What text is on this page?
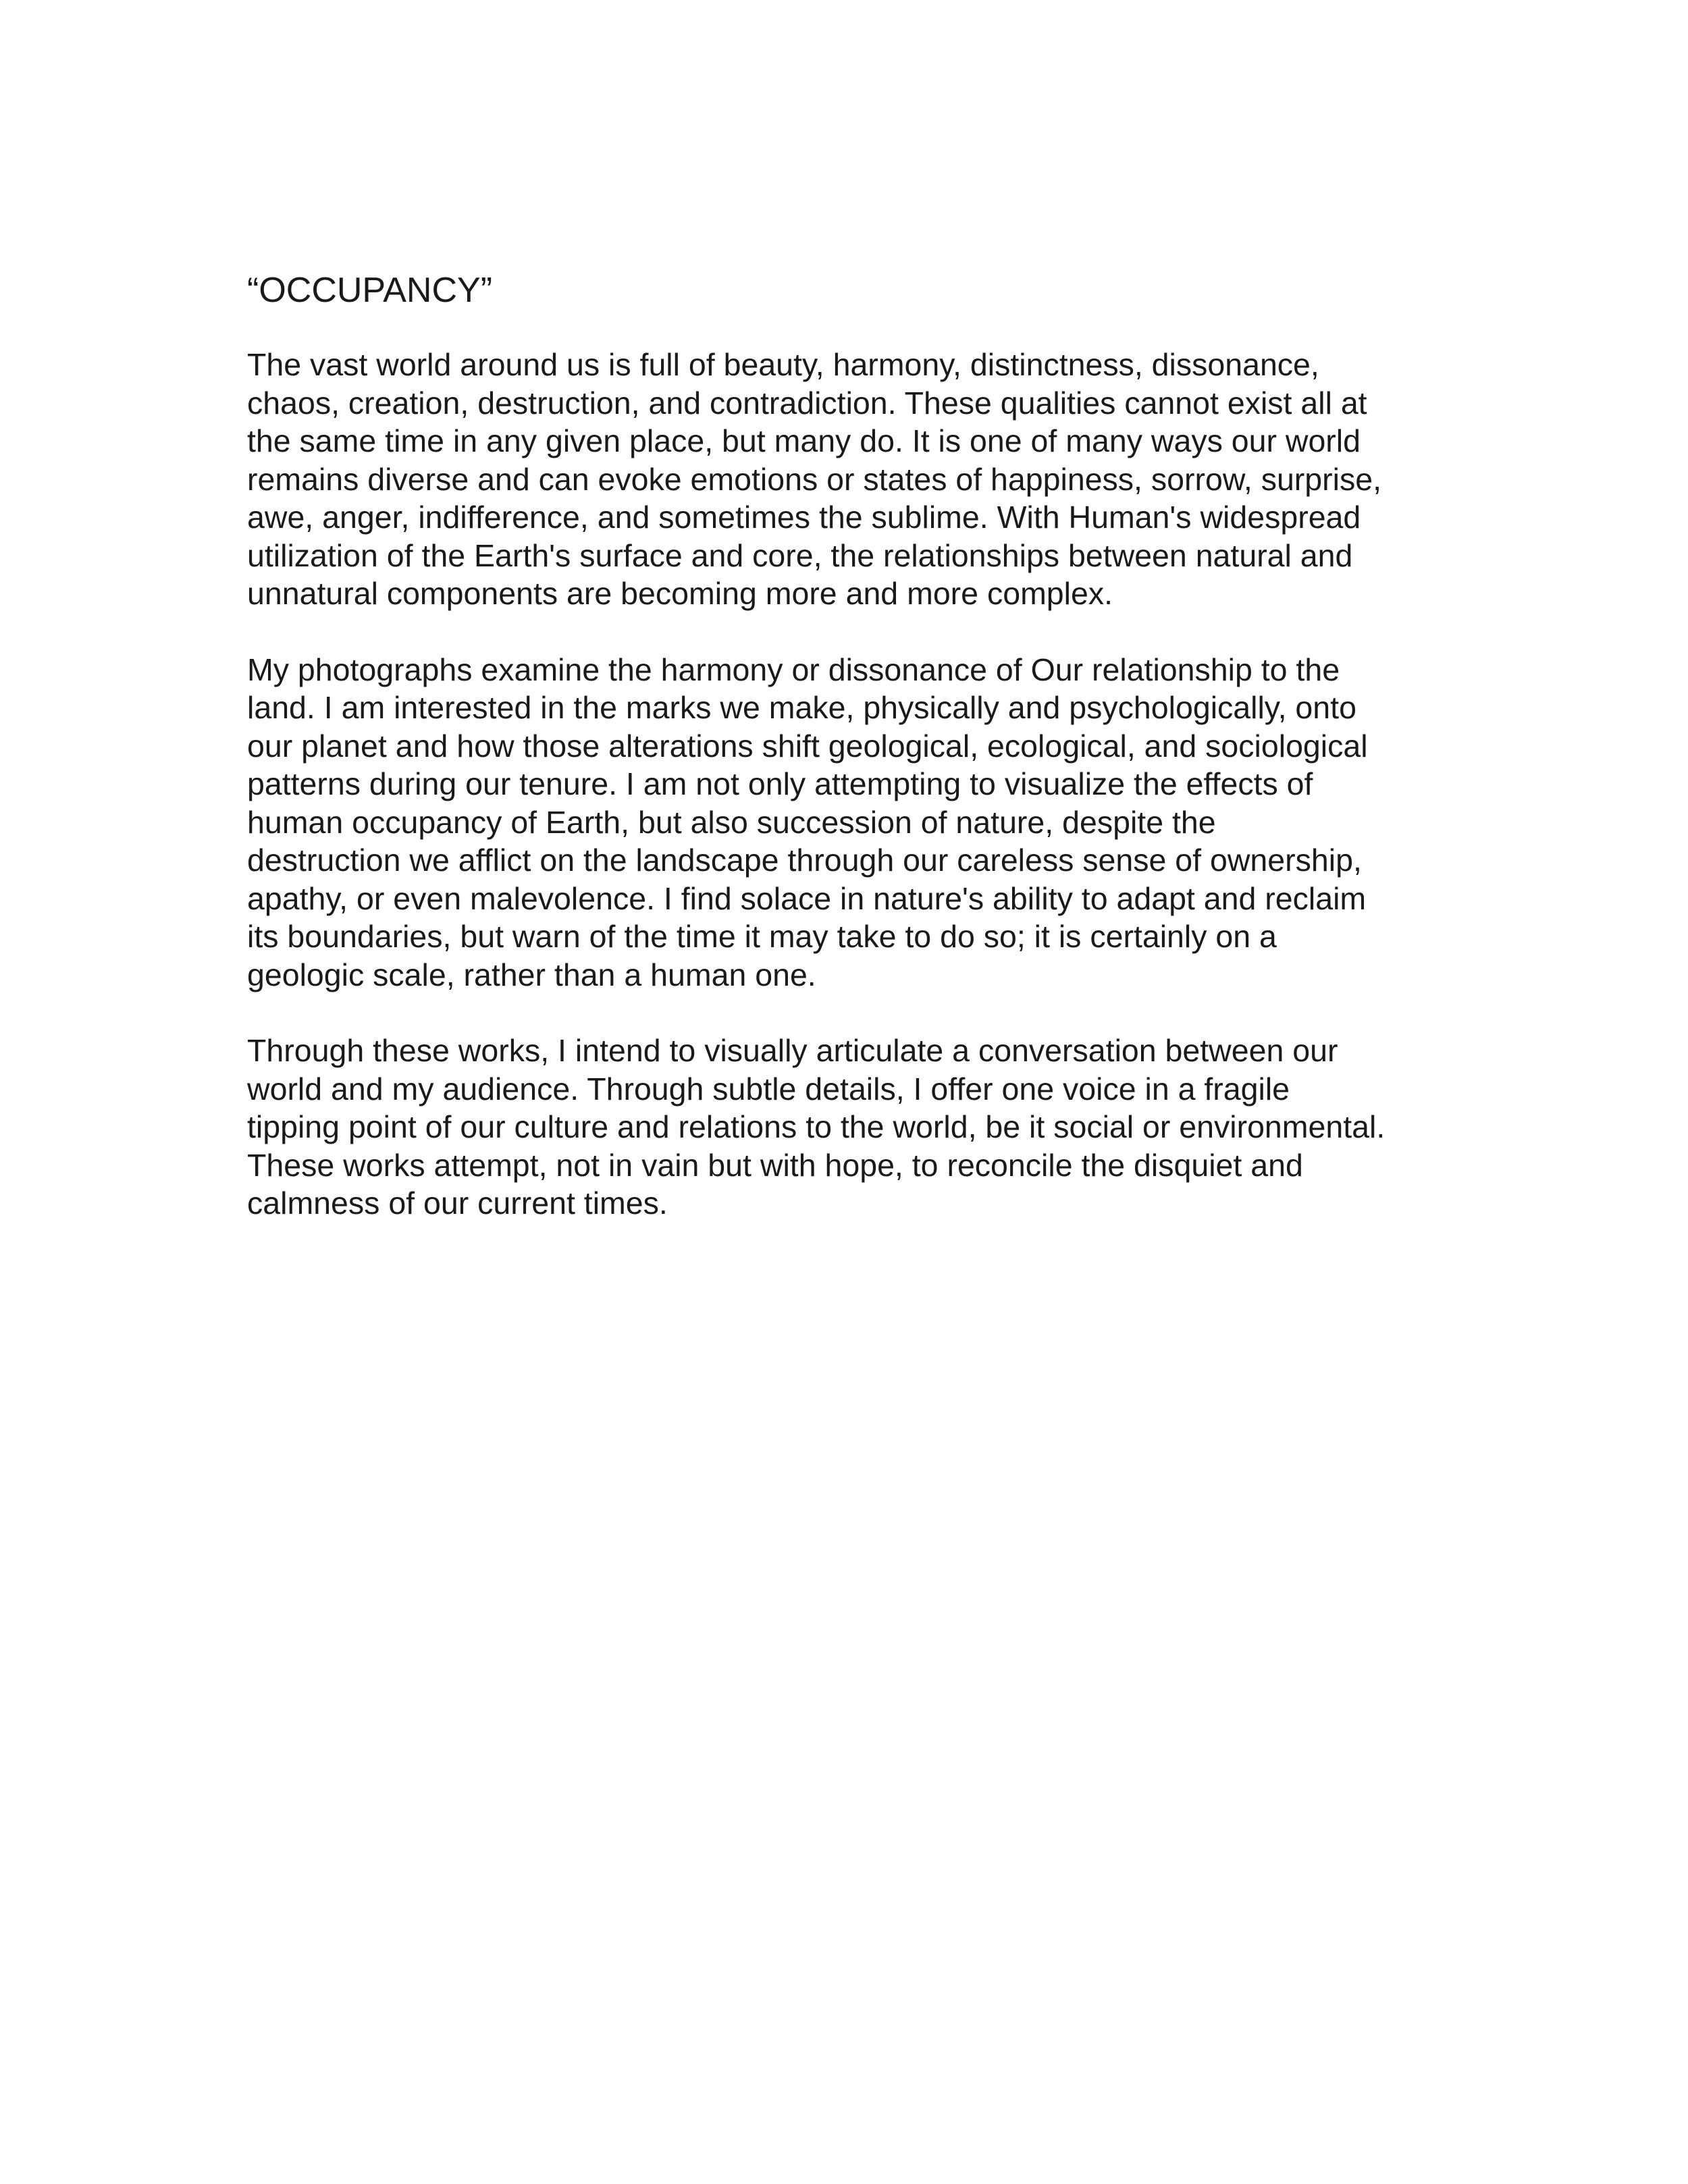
“OCCUPANCY”
The vast world around us is full of beauty, harmony, distinctness, dissonance,
chaos, creation, destruction, and contradiction. These qualities cannot exist all at
the same time in any given place, but many do. It is one of many ways our world
remains diverse and can evoke emotions or states of happiness, sorrow, surprise,
awe, anger, indifference, and sometimes the sublime. With Human's widespread
utilization of the Earth's surface and core, the relationships between natural and
unnatural components are becoming more and more complex.
My photographs examine the harmony or dissonance of Our relationship to the
land. I am interested in the marks we make, physically and psychologically, onto
our planet and how those alterations shift geological, ecological, and sociological
patterns during our tenure. I am not only attempting to visualize the effects of
human occupancy of Earth, but also succession of nature, despite the
destruction we afflict on the landscape through our careless sense of ownership,
apathy, or even malevolence. I find solace in nature's ability to adapt and reclaim
its boundaries, but warn of the time it may take to do so; it is certainly on a
geologic scale, rather than a human one.
Through these works, I intend to visually articulate a conversation between our
world and my audience. Through subtle details, I offer one voice in a fragile
tipping point of our culture and relations to the world, be it social or environmental.
These works attempt, not in vain but with hope, to reconcile the disquiet and
calmness of our current times.
